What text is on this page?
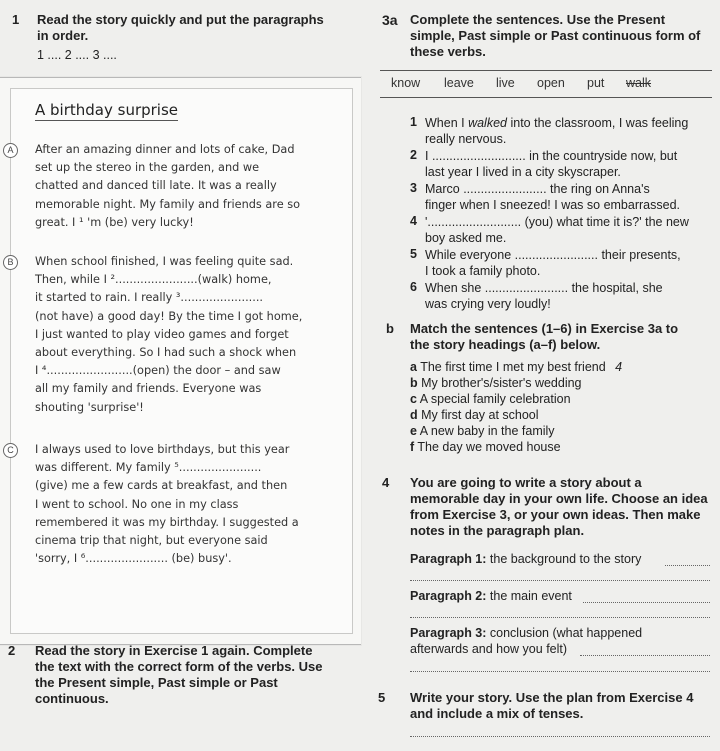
1 Read the story quickly and put the paragraphs in order.
1 .... 2 .... 3 ....
A birthday surprise
A	After an amazing dinner and lots of cake, Dad
set up the stereo in the garden, and we
chatted and danced till late. It was a really
memorable night. My family and friends are so
great. I ¹ 'm (be) very lucky!
B	When school finished, I was feeling quite sad.
Then, while I ².......................(walk) home,
it started to rain. I really ³.......................
(not have) a good day! By the time I got home,
I just wanted to play video games and forget
about everything. So I had such a shock when
I ⁴........................(open) the door – and saw
all my family and friends. Everyone was
shouting 'surprise'!
C	I always used to love birthdays, but this year
was different. My family ⁵.......................
(give) me a few cards at breakfast, and then
I went to school. No one in my class
remembered it was my birthday. I suggested a
cinema trip that night, but everyone said
'sorry, I ⁶....................... (be) busy'.
2 Read the story in Exercise 1 again. Complete the text with the correct form of the verbs. Use the Present simple, Past simple or Past continuous.
3a Complete the sentences. Use the Present simple, Past simple or Past continuous form of these verbs.
know leave live open put walk
1 When I walked into the classroom, I was feeling
really nervous.
2 I ........................... in the countryside now, but
last year I lived in a city skyscraper.
3 Marco ........................ the ring on Anna's
finger when I sneezed! I was so embarrassed.
4 '........................... (you) what time it is?' the new
boy asked me.
5 While everyone ........................ their presents,
I took a family photo.
6 When she ........................ the hospital, she
was crying very loudly!
b Match the sentences (1–6) in Exercise 3a to the story headings (a–f) below.
a The first time I met my best friend 4
b My brother's/sister's wedding
c A special family celebration
d My first day at school
e A new baby in the family
f The day we moved house
4 You are going to write a story about a memorable day in your own life. Choose an idea from Exercise 3, or your own ideas. Then make notes in the paragraph plan.
Paragraph 1: the background to the story
Paragraph 2: the main event
Paragraph 3: conclusion (what happened
afterwards and how you felt)
5 Write your story. Use the plan from Exercise 4 and include a mix of tenses.
